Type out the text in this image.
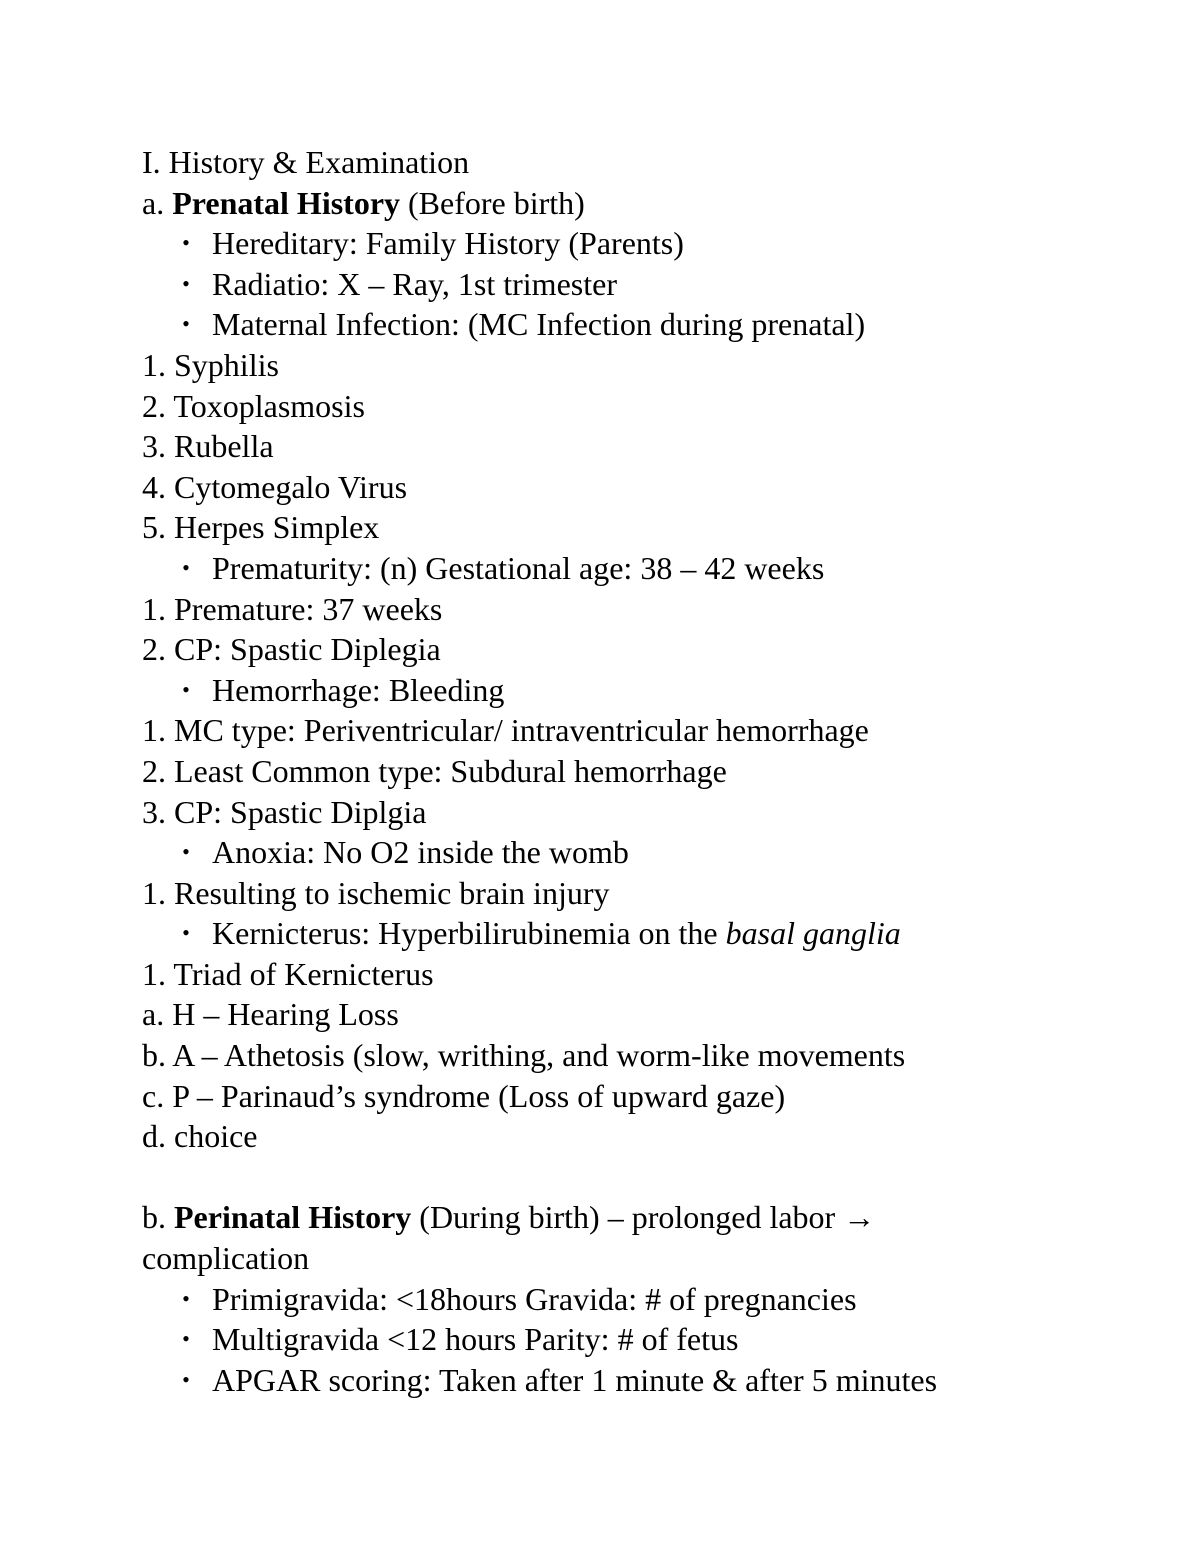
I. History & Examination
a. Prenatal History (Before birth)
• Hereditary: Family History (Parents)
• Radiatio: X – Ray, 1st trimester
• Maternal Infection: (MC Infection during prenatal)
1. Syphilis
2. Toxoplasmosis
3. Rubella
4. Cytomegalo Virus
5. Herpes Simplex
• Prematurity: (n) Gestational age: 38 – 42 weeks
1. Premature: 37 weeks
2. CP: Spastic Diplegia
• Hemorrhage: Bleeding
1. MC type: Periventricular/ intraventricular hemorrhage
2. Least Common type: Subdural hemorrhage
3. CP: Spastic Diplgia
• Anoxia: No O2 inside the womb
1. Resulting to ischemic brain injury
• Kernicterus: Hyperbilirubinemia on the basal ganglia
1. Triad of Kernicterus
a. H – Hearing Loss
b. A – Athetosis (slow, writhing, and worm-like movements
c. P – Parinaud’s syndrome (Loss of upward gaze)
d. choice
b. Perinatal History (During birth) – prolonged labor → complication
• Primigravida: <18hours Gravida: # of pregnancies
• Multigravida <12 hours Parity: # of fetus
• APGAR scoring: Taken after 1 minute & after 5 minutes
